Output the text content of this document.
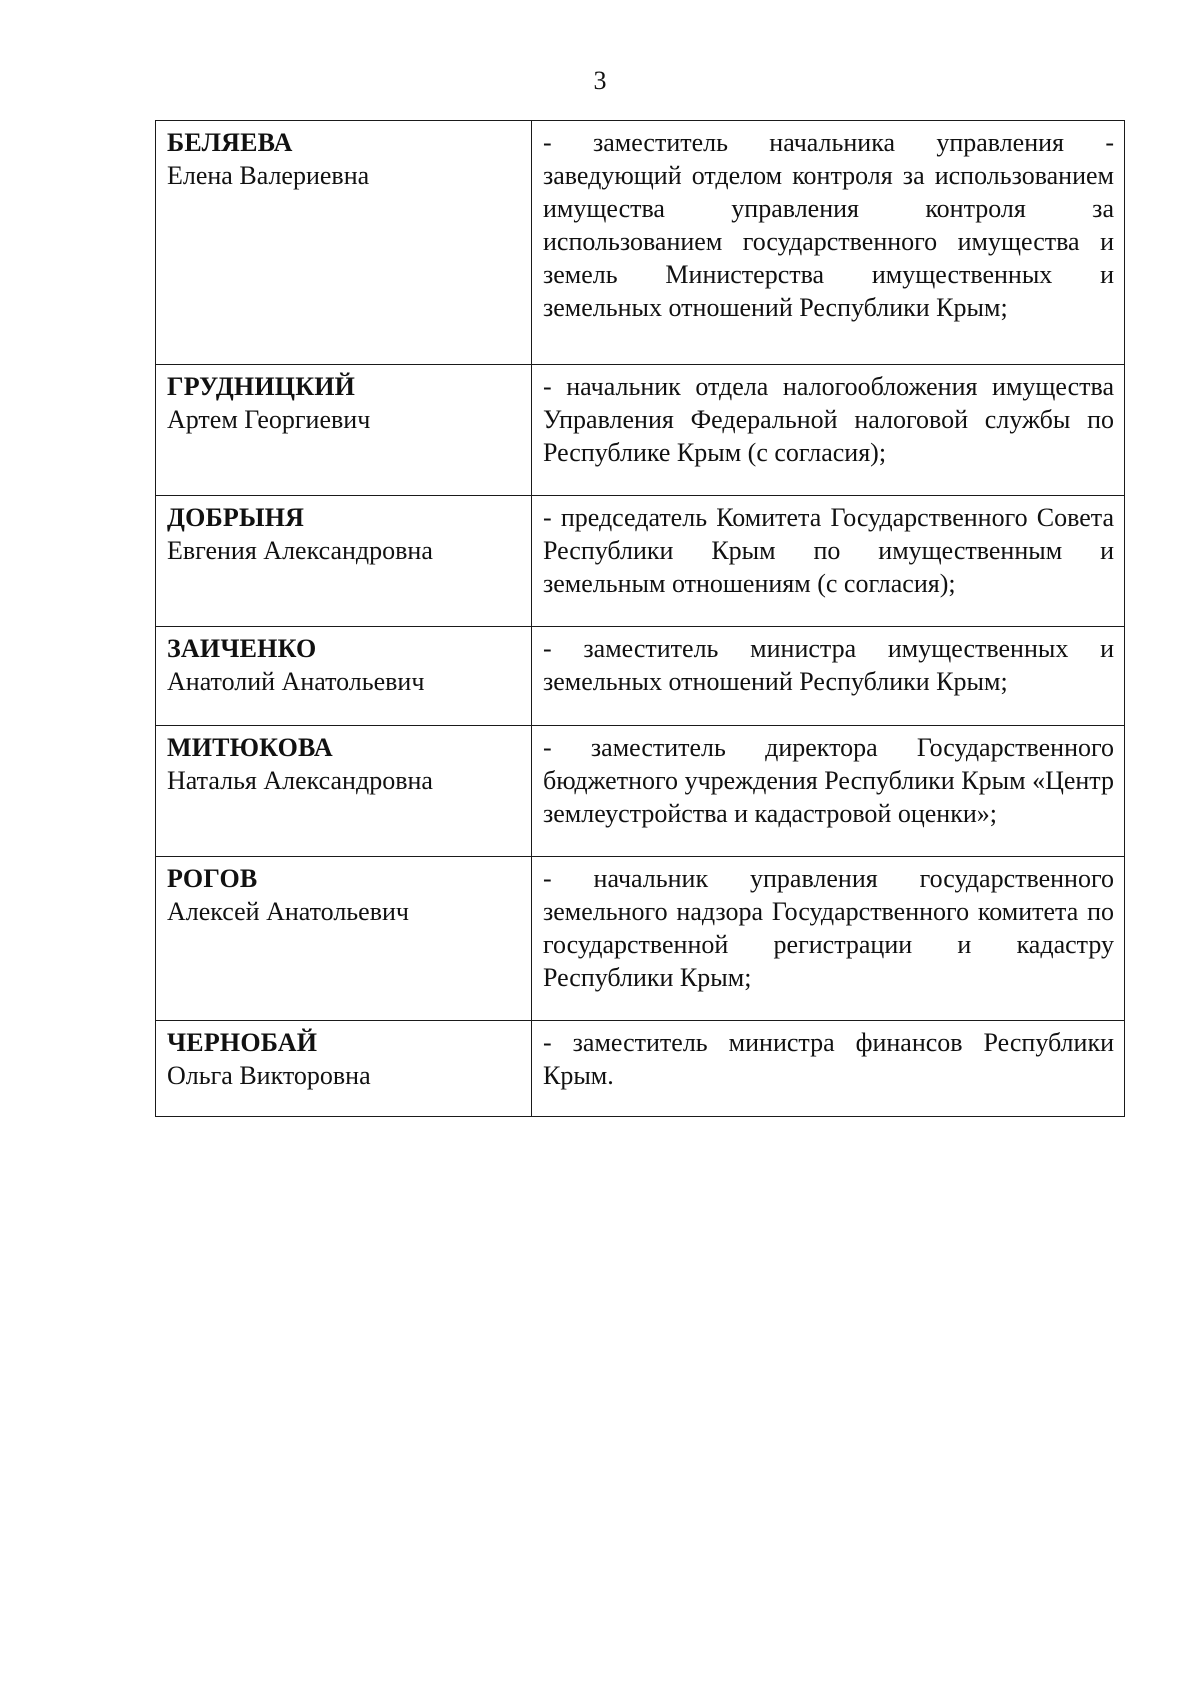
3
БЕЛЯЕВА
Елена Валериевна	- заместитель начальника управления - заведующий отделом контроля за использованием имущества управления контроля за использованием государственного имущества и земель Министерства имущественных и земельных отношений Республики Крым;

ГРУДНИЦКИЙ
Артем Георгиевич	- начальник отдела налогообложения имущества Управления Федеральной налоговой службы по Республике Крым (с согласия);

ДОБРЫНЯ
Евгения Александровна	- председатель Комитета Государственного Совета Республики Крым по имущественным и земельным отношениям (с согласия);

ЗАИЧЕНКО
Анатолий Анатольевич	- заместитель министра имущественных и земельных отношений Республики Крым;

МИТЮКОВА
Наталья Александровна	- заместитель директора Государственного бюджетного учреждения Республики Крым «Центр землеустройства и кадастровой оценки»;

РОГОВ
Алексей Анатольевич	- начальник управления государственного земельного надзора Государственного комитета по государственной регистрации и кадастру Республики Крым;

ЧЕРНОБАЙ
Ольга Викторовна	- заместитель министра финансов Республики Крым.
